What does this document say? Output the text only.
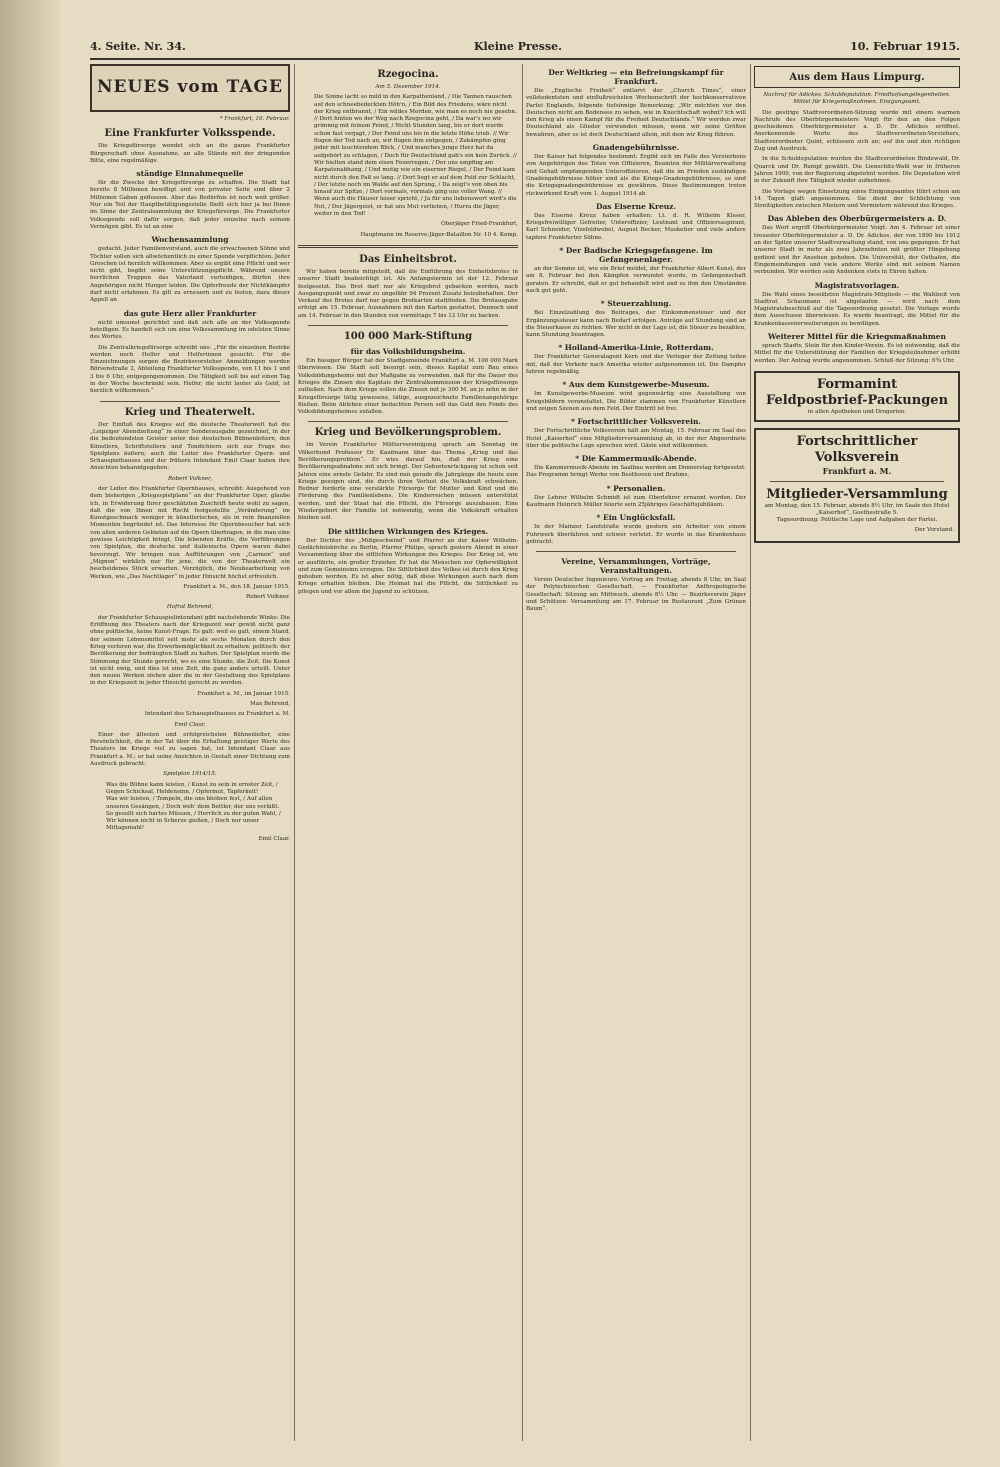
4. Seite. Nr. 34.	Kleine Presse.	10. Februar 1915.
NEUES vom TAGE
* Frankfurt, 10. Februar.
Eine Frankfurter Volksspende.

Die Kriegsfürsorge wendet sich an die ganze Frankfurter Bürgerschaft ohne Ausnahme, an alle Stände mit der dringenden Bitte, eine regelmäßige

ständige Einnahmequelle

für die Zwecke der Kriegsfürsorge zu schaffen. Die Stadt hat bereits 8 Millionen bewilligt und von privater Seite sind über 2 Millionen Gaben geflossen. Aber das Bedürfnis ist noch weit größer. Nur ein Teil der Hauptbetätigungsstelle fließt sich hier ja bei Ihnen im Sinne der Zentralsammlung der Kriegsfürsorge. Die Frankfurter Volksspende soll dafür sorgen, daß jeder einzelne nach seinem Vermögen gibt. Es ist an eine

Wochensammlung

gedacht. Jeder Familienvorstand, auch die erwachsenen Söhne und Töchter sollen sich allwöchentlich zu einer Spende verpflichten. Jeder Groschen ist herzlich willkommen. Aber es ergibt eine Pflicht und wer nicht gibt, begibt seine Unterstützungspflicht. Während unsere herrlichen Truppen das Vaterland verteidigen, dürfen ihre Angehörigen nicht Hunger leiden. Die Opferfreude der Nichtkämpfer darf nicht erlahmen. Es gilt zu erneuern und zu festen, dazu dieser Appell an

das gute Herz aller Frankfurter

nicht umsonst gerichtet und daß sich alle an der Volksspende beteiligen. Es handelt sich um eine Volkssammlung im edelsten Sinne des Wortes.

Die Zentralkriegsfürsorge schreibt uns: „Für die einzelnen Bezirke werden noch Helfer und Helferinnen gesucht. Für die Einzeichnungen sorgen die Bezirksvorsteher. Anmeldungen werden Börsenstraße 2, Abteilung Frankfurter Volksspende, von 11 bis 1 und 3 bis 6 Uhr, entgegengenommen. Die Tätigkeit soll bis auf einen Tag in der Woche beschränkt sein. Helfer, die nicht lauter als Geld, ist herzlich willkommen.“

Krieg und Theaterwelt.

Der Einfluß des Krieges auf die deutsche Theaterwelt hat die „Leipziger Abendzeitung“ in einer Sonderausgabe gezeichnet, in der die bedeutendsten Geister unter den deutschen Bühnenleitern, den Künstlern, Schriftstellern und Tondichtern sich zur Frage des Spielplans äußern; auch die Leiter des Frankfurter Opern- und Schauspielhauses und der frühere Intendant Emil Claar haben ihre Ansichten bekanntgegeben.

Robert Volkner,

der Leiter des Frankfurter Opernhauses, schreibt: Ausgehend von dem bisherigen „Kriegsspielplane“ an der Frankfurter Oper, glaube ich, in Erwiderung Ihrer geschätzten Zuschrift heute wohl zu sagen, daß die von Ihnen mit Recht festgestellte „Veränderung“ im Kunstgeschmack weniger in künstlerischen, als in rein finanziellen Momenten begründet ist. Das Interesse für Opernbesucher hat sich von allen anderen Gebieten auf die Opern übertragen, in die man eine gewisse Leichtigkeit bringt. Die lebenden Kräfte, die Vorführungen von Spielplan, die deutsche und italienische Opern waren dabei bevorzugt. Wir bringen nun Aufführungen von „Carmen“ und „Mignon“ wirklich nur für jene, die von der Theaterwelt ein bescheidenes Stück erwarten. Vorzüglich, die Neubearbeitung von Werken, wie „Das Nachtlager“ in jeder Hinsicht höchst erfreulich.

Frankfurt a. M., den 18. Januar 1915.
Robert Volkner.
Hofrat Behrend,

der Frankfurter Schauspielintendant gibt nachstehende Winke: Die Eröffnung des Theaters nach der Kriegszeit war gewiß nicht ganz ohne politische, keine Kunst-Frage. Es galt: weil es galt, einem Stand, der seinem Lebensmittel seit mehr als sechs Monaten durch den Krieg verloren war, die Erwerbsmöglichkeit zu erhalten; politisch: der Bevölkerung der bedrängten Stadt zu halten. Der Spielplan wurde die Stimmung der Stunde gerecht, wo es eine Stunde, die Zeit. Die Kunst ist nicht ewig, und dies ist eine Zeit, die ganz anders urteilt. Unter den neuen Werken stehen aber die in der Gestaltung des Spielplans in der Kriegszeit in jeder Hinsicht gerecht zu werden.

Frankfurt a. M., im Januar 1915.
Max Behrend,
Intendant des Schauspielhauses zu Frankfurt a. M.
Emil Claar.

Einer der ältesten und erfolgreichsten Bühnenleiter, eine Persönlichkeit, die in der Tat über die Erhaltung geistiger Werte des Theaters im Kriege viel zu sagen hat, ist Intendant Claar aus Frankfurt a. M.; er hat seine Ansichten in Gestalt einer Dichtung zum Ausdruck gebracht:

Spielplan 1914/15.
Was die Bühne kann leisten, / Kunst zu sein in ernster Zeit, / Gegen Schicksal, Heldensinn, / Opfermut, Tapferkeit!
Was wir leisten, / Tempeln, die uns bleiben fest, / Auf allen unseren Gesängen, / Doch weh' dem Bettler, der uns verläßt.
So gesellt sich hartes Müssen, / Herrlich zu der guten Wahl, / Wir können nicht in Scherze gießen, / Doch nur unser Mittagsmahl!
Emil Claar.
Rzegocina.
Am 5. Dezember 1914.
Die Sonne lacht so mild in den Karpathenland, / Die Tannen rauschen auf den schneebedeckten Höh'n, / Ein Bild des Friedens, wäre nicht der Krieg entbrannt, / Ein wildes Morden, wie man es noch nie gesehn. // Dort hinten wo der Weg nach Rzegocina geht, / Da war's wo wir grimmig mit feinem Feind, / Nicht Stunden lang, bis er dort wurde schon fast verjagt, / Der Feind uns bis in die letzte Höhe trieb. // Wir flogen der Tod nach an, wir flogen ihm entgegen, / Zukämpfen ging jeder mit leuchtendem Blick, / Und manches junge Herz hat da aufgehört zu schlagen, / Doch für Deutschland gab's ein kein Zurück. // Wir hielten stand dem eisen Feuerregen, / Der uns empfing am Karpatenabhang, / Und mutig wie ein eiserner Riegel, / Der Feind kam nicht durch den Paß so lang. // Dort liegt er auf dem Feld zur Schlacht, / Der letzte noch im Walde auf den Sprung, / Da zeigt's von oben bis hinauf zur Spitze, / Dort vormals, vormals ging uns voller Wang. // Wenn auch die Häuser leiser spricht, / Ja für uns liebenswert wird's die Not, / Der Jägergeist, er hat uns Mut verliehen, / Hurra die Jäger, weiter in den Tod!
Oberjäger Fried-Frankfurt,
Hauptmann im Reserve-Jäger-Bataillon Nr. 10 4. Komp.
Das Einheitsbrot.

Wir haben bereits mitgeteilt, daß die Einführung des Einheitsbrotes in unserer Stadt beabsichtigt ist. Als Anfangstermin ist der 12. Februar festgesetzt. Das Brot darf nur als Kriegsbrot gebacken werden, nach Ausgangspunkt und zwar zu ungefähr 94 Prozent Zusatz beizubehalten. Der Verkauf des Brotes darf nur gegen Brotkarten stattfinden. Die Brotausgabe erfolgt am 15. Februar, Ausnahmen mit den Karten gestattet. Dennoch sind am 14. Februar in den Stunden von vormittags 7 bis 12 Uhr zu backen.

100 000 Mark-Stiftung
für das Volksbildungsheim.

Ein hiesiger Bürger hat der Stadtgemeinde Frankfurt a. M. 100 000 Mark überwiesen. Die Stadt soll besorgt sein, dieses Kapital zum Bau eines Volksbildungsheims mit der Maßgabe zu verwenden, daß für die Dauer des Krieges die Zinsen des Kapitals der Zentralkommission der Kriegsfürsorge zufließen. Nach dem Kriege sollen die Zinsen mit je 300 M. an je zehn in der Kriegsfürsorge tätig gewesene, tätige, ausgezeichnete Familienangehörige fließen. Beim Ableben einer bedachten Person soll das Geld den Fonds des Volksbildungsheimes zufallen.

Krieg und Bevölkerungsproblem.

Im Verein Frankfurter Müttervereinigung sprach am Sonntag im Völkerbund Professor Dr. Kaufmann über das Thema „Krieg und das Bevölkerungsproblem“. Er wies darauf hin, daß der Krieg eine Bevölkerungsabnahme mit sich bringt. Der Geburtenrückgang ist schon seit Jahren eine ernste Gefahr. Es sind nun gerade die Jahrgänge die heute zum Kriege gezogen sind, die durch ihren Verlust die Volkskraft schwächen. Redner forderte eine verstärkte Fürsorge für Mutter und Kind und die Förderung des Familienlebens. Die Kinderreichen müssen unterstützt werden, und der Staat hat die Pflicht, die Fürsorge auszubauen. Eine Wiedergeburt der Familie ist notwendig, wenn die Volkskraft erhalten bleiben soll.

Die sittlichen Wirkungen des Krieges.

Der Dichter des „Mißgeschwind“ und Pfarrer an der Kaiser Wilhelm-Gedächtniskirche zu Berlin, Pfarrer Philips, sprach gestern Abend in einer Versammlung über die sittlichen Wirkungen des Krieges. Der Krieg ist, wie er ausführte, ein großer Erzieher. Er hat die Menschen zur Opferwilligkeit und zum Gemeinsinn erzogen. Die Sittlichkeit des Volkes ist durch den Krieg gehoben worden. Es ist aber nötig, daß diese Wirkungen auch nach dem Kriege erhalten bleiben. Die Heimat hat die Pflicht, die Sittlichkeit zu pflegen und vor allem die Jugend zu schützen.

Der Weltkrieg — ein Befreiungskampf für Frankfurt.

Die „Englische Freiheit“ entlarvt der „Church Times“, einer vollstedentsten und einflußreichsten Wochenschrift der hochkonservativen Partei Englands, folgende tiefsinnige Bemerkung: „Wir möchten vor den Deutschen nicht am Bodensee zu sehen, wie in Knechtschaft wohnt? Ich will den Krieg als einen Kampf für die Freiheit Deutschlands.“ Wir werden zwar Deutschland als Glieder verwunden müssen, wenn wir seine Größen bewahren, aber es ist doch Deutschland allein, mit dem wir Krieg führen.

Gnadengebührnisse.

Der Kaiser hat folgendes bestimmt: Ergibt sich im Falle des Versterbens von Angehörigen des Toten von Offizieren, Beamten der Militärverwaltung und Gehalt empfangenden Unteroffizieren, daß die im Frieden zuständigen Gnadengebührnisse höher sind als die Kriegs-Gnadengebührnisse, so sind die Kriegsgnadengebührnisse zu gewähren. Diese Bestimmungen treten rückwirkend Kraft vom 1. August 1914 ab.

Das Eiserne Kreuz.

Das Eiserne Kreuz haben erhalten: Lt. d. R. Wilhelm Kleser, Kriegsfreiwilliger Gefreiter, Unteroffizier, Leutnant und Offiziersaspirant, Karl Schneider, Vizefeldwebel, August Becker, Musketier und viele andere tapfere Frankfurter Söhne.

* Der Badische Kriegsgefangene. Im Gefangenenlager.

an der Somme ist, wie ein Brief meldet, der Frankfurter Albert Kunst, der am 8. Februar bei den Kämpfen verwundet wurde, in Gefangenschaft geraten. Er schreibt, daß er gut behandelt wird und es ihm den Umständen nach gut geht.

* Steuerzahlung.

Bei Einzelzahlung des Beitrages, der Einkommensteuer und der Ergänzungssteuer kann nach Bedarf erfolgen. Anträge auf Stundung sind an die Steuerkasse zu richten. Wer nicht in der Lage ist, die Steuer zu bezahlen, kann Stundung beantragen.

* Holland-Amerika-Linie, Rotterdam.

Der Frankfurter Generalagent Kern und der Verleger der Zeitung teilen mit, daß der Verkehr nach Amerika wieder aufgenommen ist. Die Dampfer fahren regelmäßig.

* Aus dem Kunstgewerbe-Museum.

Im Kunstgewerbe-Museum wird gegenwärtig eine Ausstellung von Kriegsbildern veranstaltet. Die Bilder stammen von Frankfurter Künstlern und zeigen Szenen aus dem Feld. Der Eintritt ist frei.

* Fortschrittlicher Volksverein.

Der Fortschrittliche Volksverein hält am Montag, 15. Februar im Saal des Hotel „Kaiserhof“ eine Mitgliederversammlung ab, in der der Abgeordnete über die politische Lage sprechen wird. Gäste sind willkommen.

* Die Kammermusik-Abende.

Die Kammermusik-Abende im Saalbau werden am Donnerstag fortgesetzt. Das Programm bringt Werke von Beethoven und Brahms.

* Personalien.

Der Lehrer Wilhelm Schmidt ist zum Oberlehrer ernannt worden. Der Kaufmann Heinrich Müller feierte sein 25jähriges Geschäftsjubiläum.

* Ein Unglücksfall.

In der Mainzer Landstraße wurde gestern ein Arbeiter von einem Fuhrwerk überfahren und schwer verletzt. Er wurde in das Krankenhaus gebracht.

Vereine, Versammlungen, Vorträge, Veranstaltungen.

Verein Deutscher Ingenieure: Vortrag am Freitag, abends 8 Uhr, im Saal der Polytechnischen Gesellschaft. — Frankfurter Anthropologische Gesellschaft: Sitzung am Mittwoch, abends 8½ Uhr. — Bezirksverein Jäger und Schützen: Versammlung am 17. Februar im Restaurant „Zum Grünen Baum“.

Aus dem Haus Limpurg.
Nachruf für Adickes. Schuldeputation. Friedhofsangelegenheiten. Mittel für Kriegsmaßnahmen. Einigungsamt.

Die gestrige Stadtverordneten-Sitzung wurde mit einem warmen Nachrufe des Oberbürgermeisters Voigt für den an den Folgen geschiedenen Oberbürgermeister a. D. Dr. Adickes eröffnet. Anerkennende Worte des Stadtverordneten-Vorstehers, Stadtverordneter Quint, schlossen sich an; auf ihn und den richtigen Zug und Ausdruck.

In die Schuldeputation wurden die Stadtverordneten Bindewald, Dr. Quarck und Dr. Rumpf gewählt. Die Lienschitz-Wahl war in früheren Jahren 1909, von der Regierung abgelehnt worden. Die Deputation wird in der Zukunft ihre Tätigkeit wieder aufnehmen.

Die Vorlage wegen Einsetzung eines Einigungsamtes führt schon am 14 Tagen glatt angenommen. Sie dient der Schlichtung von Streitigkeiten zwischen Mietern und Vermietern während des Krieges.

Das Ableben des Oberbürgermeisters a. D.

Das Wort ergriff Oberbürgermeister Voigt: Am 4. Februar ist einer treuester Oberbürgermeister a. D. Dr. Adickes, der von 1890 bis 1912 an der Spitze unserer Stadtverwaltung stand, von uns gegangen. Er hat unserer Stadt in mehr als zwei Jahrzehnten mit größter Hingebung gedient und ihr Ansehen gehoben. Die Universität, der Osthafen, die Eingemeindungen und viele andere Werke sind mit seinem Namen verbunden. Wir werden sein Andenken stets in Ehren halten.

Magistratsvorlagen.

Die Wahl eines besoldeten Magistrats-Mitglieds — die Wahlzeit von Stadtrat Schaumann ist abgelaufen — wird nach dem Magistratsbeschluß auf die Tagesordnung gesetzt. Die Vorlage wurde dem Ausschusse überwiesen. Es wurde beantragt, die Mittel für die Krankenkassenerweiterungen zu bewilligen.

Weiterer Mittel für die Kriegsmaßnahmen

sprach Stadtv. Stein für den Kinder-Verein. Es ist notwendig, daß die Mittel für die Unterstützung der Familien der Kriegsteilnehmer erhöht werden. Der Antrag wurde angenommen. Schluß der Sitzung: 6¾ Uhr.

Formamint
Feldpostbrief-Packungen
in allen Apotheken und Drogerien.
Fortschrittlicher Volksverein
Frankfurt a. M.
Mitglieder-Versammlung
am Montag, den 15. Februar, abends 8½ Uhr, im Saale des Hotel „Kaiserhof“, Goethestraße 5.
Tagesordnung: Politische Lage und Aufgaben der Partei.
Der Vorstand.
